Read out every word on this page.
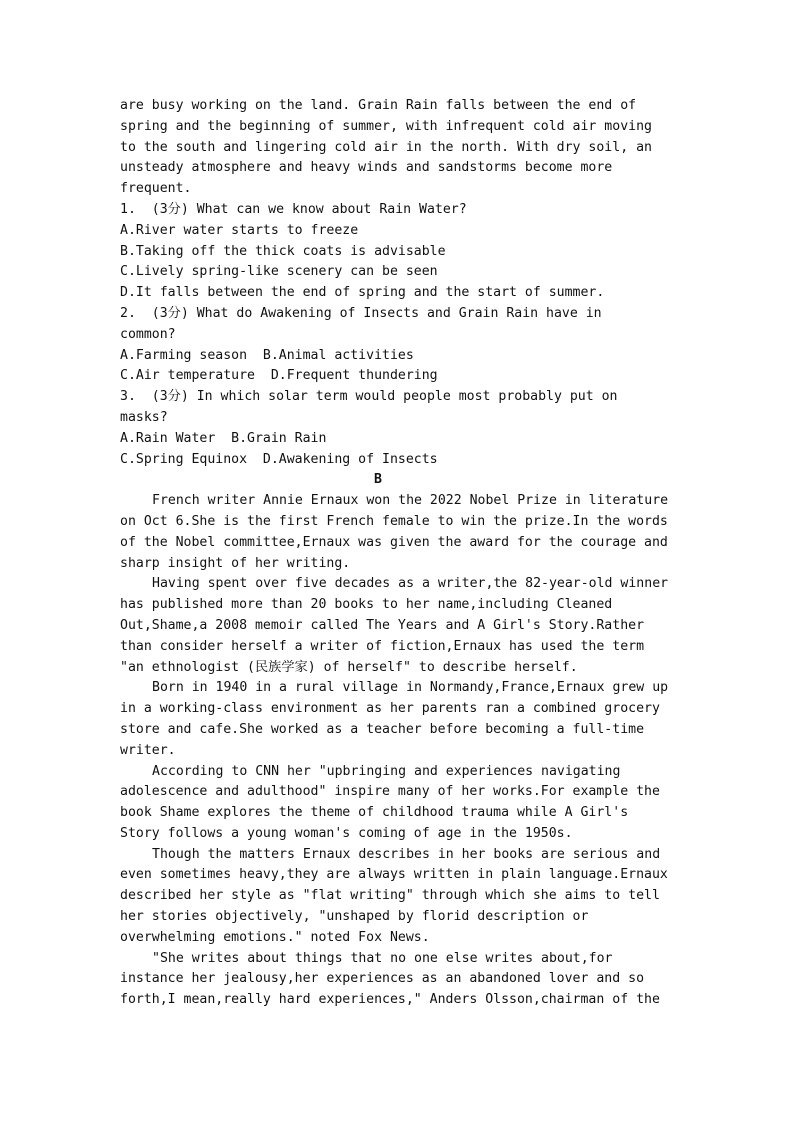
are busy working on the land. Grain Rain falls between the end of
spring and the beginning of summer, with infrequent cold air moving
to the south and lingering cold air in the north. With dry soil, an
unsteady atmosphere and heavy winds and sandstorms become more
frequent.
1.  (3分) What can we know about Rain Water?
A.River water starts to freeze
B.Taking off the thick coats is advisable
C.Lively spring-like scenery can be seen
D.It falls between the end of spring and the start of summer.
2.  (3分) What do Awakening of Insects and Grain Rain have in
common?
A.Farming season  B.Animal activities
C.Air temperature  D.Frequent thundering
3.  (3分) In which solar term would people most probably put on
masks?
A.Rain Water  B.Grain Rain
C.Spring Equinox  D.Awakening of Insects
B
French writer Annie Ernaux won the 2022 Nobel Prize in literature
on Oct 6.She is the first French female to win the prize.In the words
of the Nobel committee,Ernaux was given the award for the courage and
sharp insight of her writing.
Having spent over five decades as a writer,the 82-year-old winner
has published more than 20 books to her name,including Cleaned
Out,Shame,a 2008 memoir called The Years and A Girl's Story.Rather
than consider herself a writer of fiction,Ernaux has used the term
"an ethnologist (民族学家) of herself" to describe herself.
Born in 1940 in a rural village in Normandy,France,Ernaux grew up
in a working-class environment as her parents ran a combined grocery
store and cafe.She worked as a teacher before becoming a full-time
writer.
According to CNN her "upbringing and experiences navigating
adolescence and adulthood" inspire many of her works.For example the
book Shame explores the theme of childhood trauma while A Girl's
Story follows a young woman's coming of age in the 1950s.
Though the matters Ernaux describes in her books are serious and
even sometimes heavy,they are always written in plain language.Ernaux
described her style as "flat writing" through which she aims to tell
her stories objectively, "unshaped by florid description or
overwhelming emotions." noted Fox News.
"She writes about things that no one else writes about,for
instance her jealousy,her experiences as an abandoned lover and so
forth,I mean,really hard experiences," Anders Olsson,chairman of the
